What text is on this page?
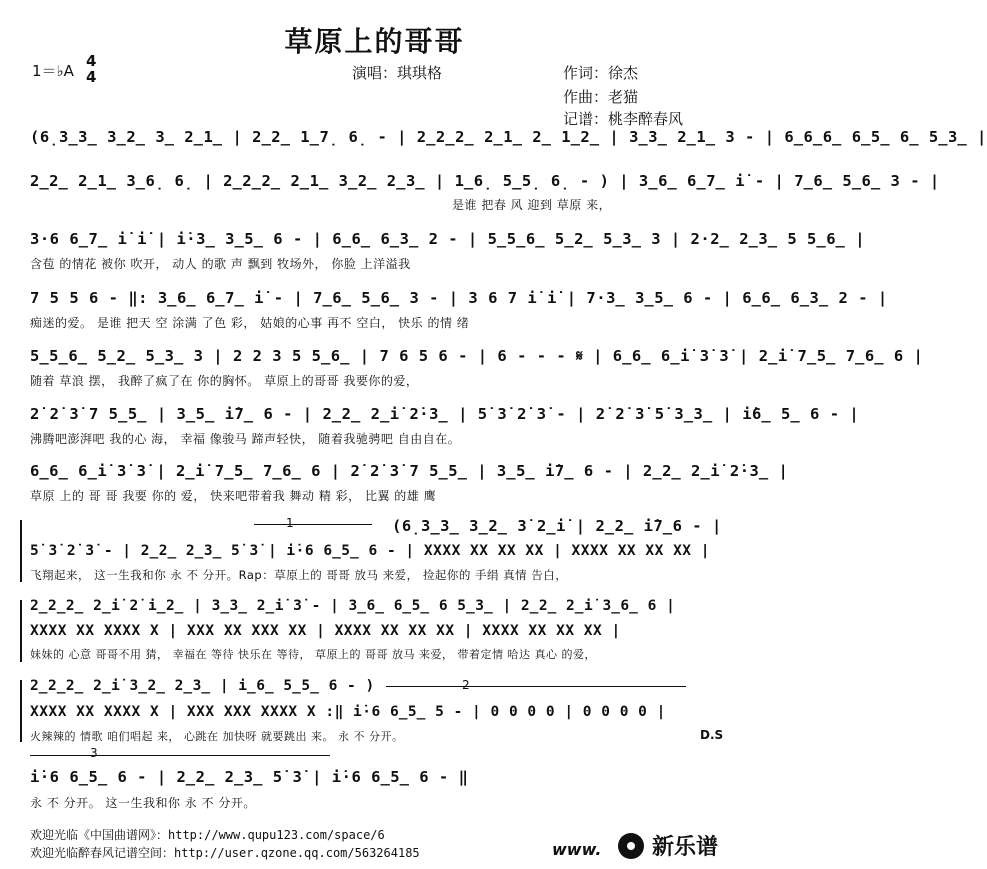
草原上的哥哥
1＝♭A
4
4	演唱：琪琪格	作词：徐杰
作曲：老猫
记谱：桃李醉春风
(6̣3̲3̲ 3̲2̲ 3̲ 2̲1̲ | 2̲2̲ 1̲7̣ 6̣ - | 2̲2̲2̲ 2̲1̲ 2̲ 1̲2̲ | 3̲3̲ 2̲1̲ 3 - | 6̲6̲6̲ 6̲5̲ 6̲ 5̲3̲ |
2̲2̲ 2̲1̲ 3̲6̣ 6̣ | 2̲2̲2̲ 2̲1̲ 3̲2̲ 2̲3̲ | 1̲6̣ 5̲5̣ 6̣ - ) | 3̲6̲ 6̲7̲ i̇ - | 7̲6̲ 5̲6̲ 3 - |
是谁 把春 风 迎到 草原 来，
3·6 6̲7̲ i̇ i̇ | i̇·3̲ 3̲5̲ 6 - | 6̲6̲ 6̲3̲ 2 - | 5̲5̲6̲ 5̲2̲ 5̲3̲ 3 | 2·2̲ 2̲3̲ 5 5̲6̲ |
含苞 的情花 被你 吹开， 动人 的歌 声 飘到 牧场外， 你脸 上洋溢我
7 5 5 6 - ‖: 3̲6̲ 6̲7̲ i̇ - | 7̲6̲ 5̲6̲ 3 - | 3 6 7 i̇ i̇ | 7·3̲ 3̲5̲ 6 - | 6̲6̲ 6̲3̲ 2 - |
痴迷的爱。 是谁 把天 空 涂满 了色 彩， 姑娘的心事 再不 空白， 快乐 的情 绪
5̲5̲6̲ 5̲2̲ 5̲3̲ 3 | 2 2 3 5 5̲6̲ | 7 6 5 6 - | 6 - - - 𝄋 | 6̲6̲ 6̲i̇ 3̇ 3̇ | 2̲i̇ 7̲5̲ 7̲6̲ 6 |
随着 草浪 摆， 我醉了疯了在 你的胸怀。 草原上的哥哥 我要你的爱，
2̇ 2̇ 3̇ 7 5̲5̲ | 3̲5̲ i̇7̲ 6 - | 2̲2̲ 2̲i̇ 2̇·3̲ | 5̇ 3̇ 2̇ 3̇ - | 2̇ 2̇ 3̇ 5̇ 3̲3̲ | i̇6̲ 5̲ 6 - |
沸腾吧澎湃吧 我的心 海， 幸福 像骏马 蹄声轻快， 随着我驰骋吧 自由自在。
6̲6̲ 6̲i̇ 3̇ 3̇ | 2̲i̇ 7̲5̲ 7̲6̲ 6 | 2̇ 2̇ 3̇ 7 5̲5̲ | 3̲5̲ i̇7̲ 6 - | 2̲2̲ 2̲i̇ 2̇·3̲ |
草原 上的 哥 哥 我要 你的 爱， 快来吧带着我 舞动 精 彩， 比翼 的雄 鹰
1	(6̣3̲3̲ 3̲2̲ 3̇ 2̲i̇ | 2̲2̲ i̇7̲6 - |
5̇ 3̇ 2̇ 3̇ - | 2̲2̲ 2̲3̲ 5̇ 3̇ | i̇·6 6̲5̲ 6 - | XXXX XX XX XX | XXXX XX XX XX |
飞翔起来， 这一生我和你 永 不 分开。Rap：草原上的 哥哥 放马 来爱， 捡起你的 手绢 真情 告白，
2̲2̲2̲ 2̲i̇ 2̇ i̲2̲ | 3̲3̲ 2̲i̇ 3̇ - | 3̲6̲ 6̲5̲ 6 5̲3̲ | 2̲2̲ 2̲i̇ 3̲6̲ 6 |
XXXX XX XXXX X | XXX XX XXX XX | XXXX XX XX XX | XXXX XX XX XX |
妹妹的 心意 哥哥不用 猜， 幸福在 等待 快乐在 等待， 草原上的 哥哥 放马 来爱， 带着定情 哈达 真心 的爱，
2̲2̲2̲ 2̲i̇ 3̲2̲ 2̲3̲ | i̲6̲ 5̲5̲ 6 - )	2
XXXX XX XXXX X | XXX XXX XXXX X :‖ i̇·6 6̲5̲ 5 - | 0 0 0 0 | 0 0 0 0 |
火辣辣的 情歌 咱们唱起 来， 心跳在 加快呀 就要跳出 来。 永 不 分开。	D.S
3
i̇·6 6̲5̲ 6 - | 2̲2̲ 2̲3̲ 5̇ 3̇ | i̇·6 6̲5̲ 6 - ‖
永 不 分开。 这一生我和你 永 不 分开。
欢迎光临《中国曲谱网》：http://www.qupu123.com/space/6
欢迎光临醉春风记谱空间：http://user.qzone.qq.com/563264185	www. 新乐谱
